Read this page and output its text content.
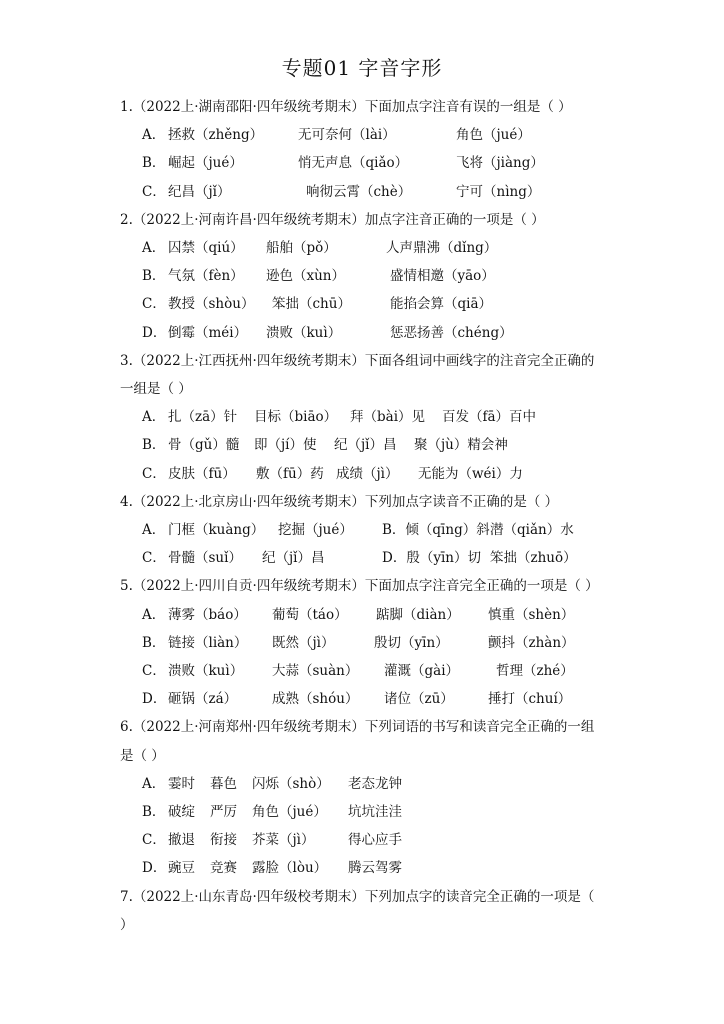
专题01 字音字形
1.（2022上·湖南邵阳·四年级统考期末）下面加点字注音有误的一组是（ ）
A． 拯救（zhěng）	无可奈何（lài）	角色（jué）
B． 崛起（jué）	悄无声息（qiǎo）	飞将（jiàng）
C． 纪昌（jǐ）	响彻云霄（chè）	宁可（nìng）
2.（2022上·河南许昌·四年级统考期末）加点字注音正确的一项是（ ）
A． 囚禁（qiú）	船舶（pǒ）	人声鼎沸（dǐng）
B． 气氛（fèn）	逊色（xùn）	盛情相邀（yāo）
C． 教授（shòu）	笨拙（chū）	能掐会算（qiā）
D． 倒霉（méi）	溃败（kuì）	惩恶扬善（chéng）
3.（2022上·江西抚州·四年级统考期末）下面各组词中画线字的注音完全正确的一组是（ ）
A． 扎（zā）针	目标（biāo） 拜（bài）见	百发（fā）百中
B． 骨（gǔ）髓	即（jí）使	纪（jǐ）昌	聚（jù）精会神
C． 皮肤（fū）	敷（fū）药 成绩（jì）	无能为（wéi）力
4.（2022上·北京房山·四年级统考期末）下列加点字读音不正确的是（ ）
A． 门框（kuàng）	挖掘（jué）	B．倾（qīng）斜 潜（qiǎn）水
C． 骨髓（suǐ）	纪（jǐ）昌	D．殷（yīn）切 笨拙（zhuō）
5.（2022上·四川自贡·四年级统考期末）下面加点字注音完全正确的一项是（ ）
A． 薄雾（báo）	葡萄（táo）	踮脚（diàn）	慎重（shèn）
B． 链接（liàn）	既然（jì）	殷切（yīn）	颤抖（zhàn）
C． 溃败（kuì）	大蒜（suàn）	灌溉（gài）	哲理（zhé）
D． 砸锅（zá）	成熟（shóu）	诸位（zū）	捶打（chuí）
6.（2022上·河南郑州·四年级统考期末）下列词语的书写和读音完全正确的一组是（ ）
A． 霎时	暮色	闪烁（shò）	老态龙钟
B． 破绽	严厉	角色（jué）	坑坑洼洼
C． 撤退	衔接	芥菜（jì）	得心应手
D． 豌豆	竞赛	露脸（lòu）	腾云驾雾
7.（2022上·山东青岛·四年级校考期末）下列加点字的读音完全正确的一项是（ ）
